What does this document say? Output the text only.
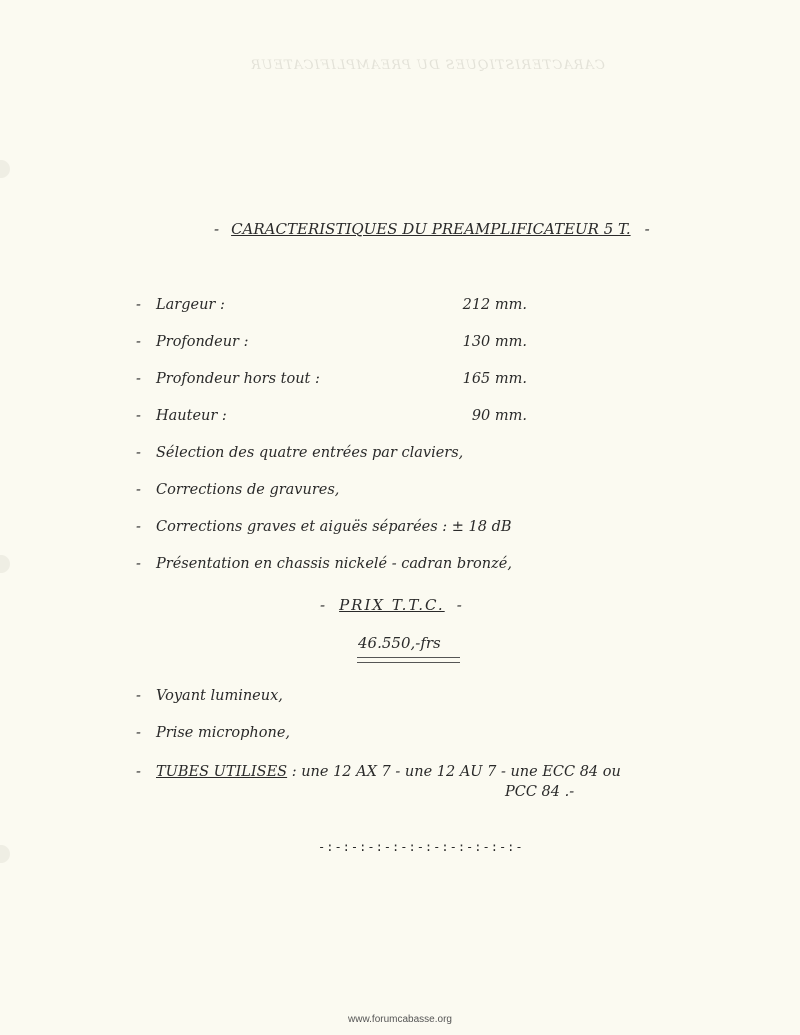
CARACTERISTIQUES DU PREAMPLIFICATEUR
- CARACTERISTIQUES DU PREAMPLIFICATEUR 5 T. -
- Largeur :	212 mm.
- Profondeur :	130 mm.
- Profondeur hors tout :	165 mm.
- Hauteur :	90 mm.
- Sélection des quatre entrées par claviers,
- Corrections de gravures,
- Corrections graves et aiguës séparées : ± 18 dB
- Présentation en chassis nickelé - cadran bronzé,
- PRIX T.T.C. -
46.550,-frs
- Voyant lumineux,
- Prise microphone,
- TUBES UTILISES : une 12 AX 7 - une 12 AU 7 - une ECC 84 ou
PCC 84 .-
-:-:-:-:-:-:-:-:-:-:-:-:-
www.forumcabasse.org
